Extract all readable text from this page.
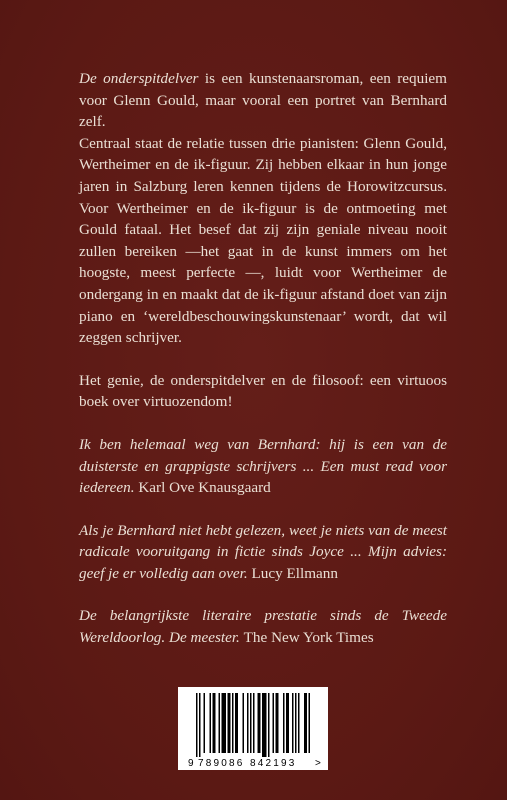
De onderspitdelver is een kunstenaarsroman, een requiem voor Glenn Gould, maar vooral een portret van Bernhard zelf.

Centraal staat de relatie tussen drie pianisten: Glenn Gould, Wertheimer en de ik-figuur. Zij hebben elkaar in hun jonge jaren in Salzburg leren kennen tijdens de Horowitzcursus. Voor Wertheimer en de ik-figuur is de ontmoeting met Gould fataal. Het besef dat zij zijn geniale niveau nooit zullen bereiken —het gaat in de kunst immers om het hoogste, meest perfecte —, luidt voor Wertheimer de ondergang in en maakt dat de ik-figuur afstand doet van zijn piano en ‘wereldbeschouwingskunstenaar’ wordt, dat wil zeggen schrijver.

Het genie, de onderspitdelver en de filosoof: een virtuoos boek over virtuozendom!

Ik ben helemaal weg van Bernhard: hij is een van de duisterste en grappigste schrijvers ... Een must read voor iedereen. Karl Ove Knausgaard

Als je Bernhard niet hebt gelezen, weet je niets van de meest radicale vooruitgang in fictie sinds Joyce ... Mijn advies: geef je er volledig aan over. Lucy Ellmann

De belangrijkste literaire prestatie sinds de Tweede Wereldoorlog. De meester. The New York Times

9 789086 842193 >
